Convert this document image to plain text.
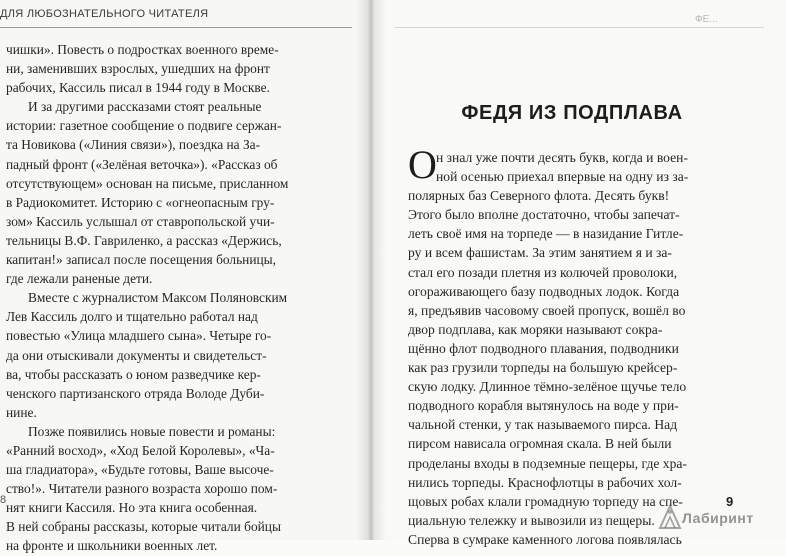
ДЛЯ ЛЮБОЗНАТЕЛЬНОГО ЧИТАТЕЛЯ
чишки». Повесть о подростках военного време-
ни, заменивших взрослых, ушедших на фронт
рабочих, Кассиль писал в 1944 году в Москве.
И за другими рассказами стоят реальные
истории: газетное сообщение о подвиге сержан-
та Новикова («Линия связи»), поездка на За-
падный фронт («Зелёная веточка»). «Рассказ об
отсутствующем» основан на письме, присланном
в Радиокомитет. Историю с «огнеопасным гру-
зом» Кассиль услышал от ставропольской учи-
тельницы В.Ф. Гавриленко, а рассказ «Держись,
капитан!» записал после посещения больницы,
где лежали раненые дети.
Вместе с журналистом Максом Поляновским
Лев Кассиль долго и тщательно работал над
повестью «Улица младшего сына». Четыре го-
да они отыскивали документы и свидетельст-
ва, чтобы рассказать о юном разведчике кер-
ченского партизанского отряда Володе Дуби-
нине.
Позже появились новые повести и романы:
«Ранний восход», «Ход Белой Королевы», «Ча-
ша гладиатора», «Будьте готовы, Ваше высоче-
ство!». Читатели разного возраста хорошо пом-
нят книги Кассиля. Но эта книга особенная.
В ней собраны рассказы, которые читали бойцы
на фронте и школьники военных лет.
8
ФЕ...
ФЕДЯ ИЗ ПОДПЛАВА
О н знал уже почти десять букв, когда и воен-
ной осенью приехал впервые на одну из за-
полярных баз Северного флота. Десять букв!
Этого было вполне достаточно, чтобы запечат-
леть своё имя на торпеде — в назидание Гитле-
ру и всем фашистам. За этим занятием я и за-
стал его позади плетня из колючей проволоки,
огораживающего базу подводных лодок. Когда
я, предъявив часовому своей пропуск, вошёл во
двор подплава, как моряки называют сокра-
щённо флот подводного плавания, подводники
как раз грузили торпеды на большую крейсер-
скую лодку. Длинное тёмно-зелёное щучье тело
подводного корабля вытянулось на воде у при-
чальной стенки, у так называемого пирса. Над
пирсом нависала огромная скала. В ней были
проделаны входы в подземные пещеры, где хра-
нились торпеды. Краснофлотцы в рабочих хол-
щовых робах клали громадную торпеду на спе-
циальную тележку и вывозили из пещеры.
Сперва в сумраке каменного логова появлялась
9
Лабиринт
